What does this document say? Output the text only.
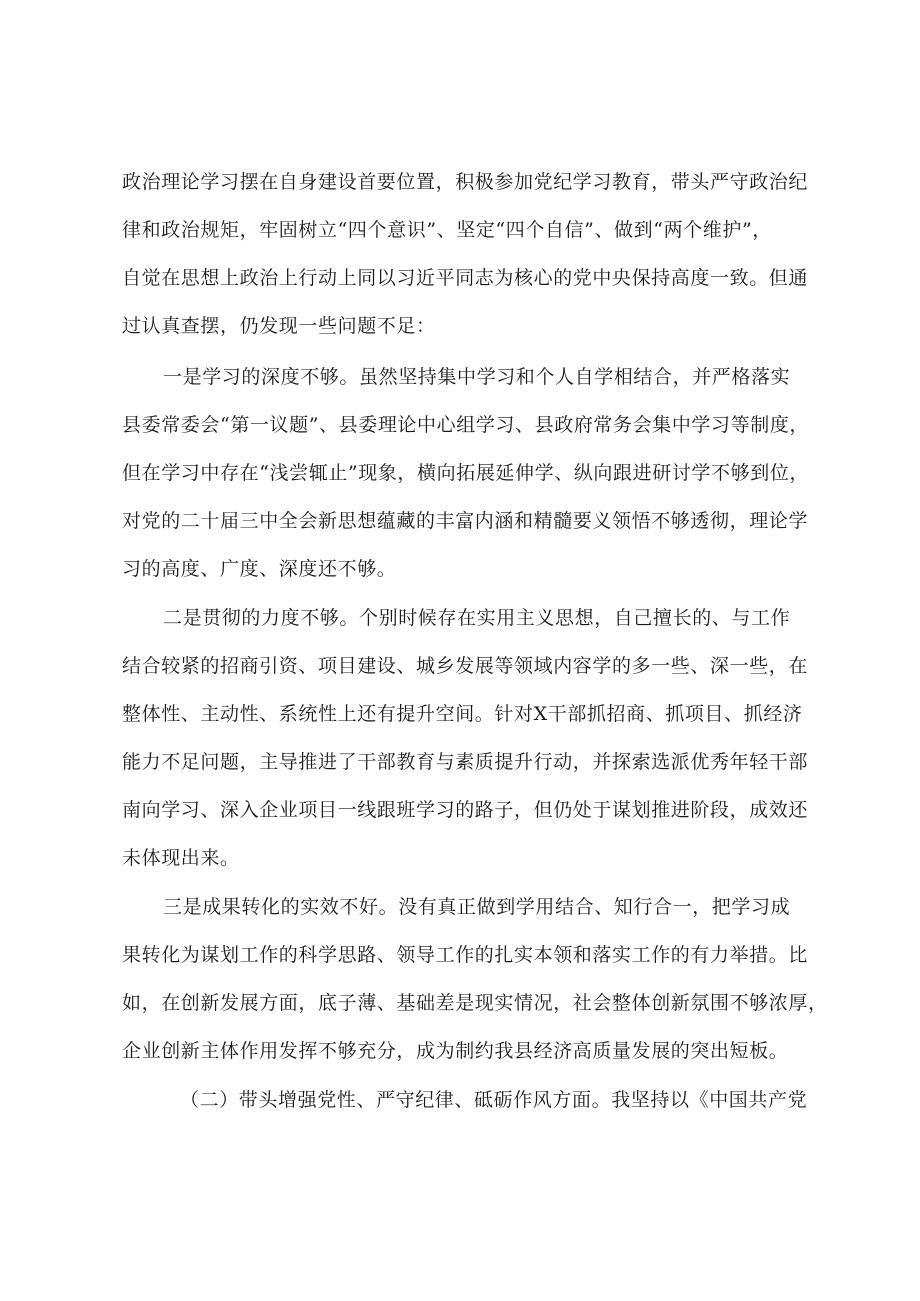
政治理论学习摆在自身建设首要位置，积极参加党纪学习教育，带头严守政治纪
律和政治规矩，牢固树立“四个意识”、坚定“四个自信”、做到“两个维护”，
自觉在思想上政治上行动上同以习近平同志为核心的党中央保持高度一致。但通
过认真查摆，仍发现一些问题不足：
一是学习的深度不够。虽然坚持集中学习和个人自学相结合，并严格落实
县委常委会“第一议题”、县委理论中心组学习、县政府常务会集中学习等制度，
但在学习中存在“浅尝辄止”现象，横向拓展延伸学、纵向跟进研讨学不够到位，
对党的二十届三中全会新思想蕴藏的丰富内涵和精髓要义领悟不够透彻，理论学
习的高度、广度、深度还不够。
二是贯彻的力度不够。个别时候存在实用主义思想，自己擅长的、与工作
结合较紧的招商引资、项目建设、城乡发展等领域内容学的多一些、深一些，在
整体性、主动性、系统性上还有提升空间。针对X干部抓招商、抓项目、抓经济
能力不足问题，主导推进了干部教育与素质提升行动，并探索选派优秀年轻干部
南向学习、深入企业项目一线跟班学习的路子，但仍处于谋划推进阶段，成效还
未体现出来。
三是成果转化的实效不好。没有真正做到学用结合、知行合一，把学习成
果转化为谋划工作的科学思路、领导工作的扎实本领和落实工作的有力举措。比
如，在创新发展方面，底子薄、基础差是现实情况，社会整体创新氛围不够浓厚，
企业创新主体作用发挥不够充分，成为制约我县经济高质量发展的突出短板。
（二）带头增强党性、严守纪律、砥砺作风方面。我坚持以《中国共产党
